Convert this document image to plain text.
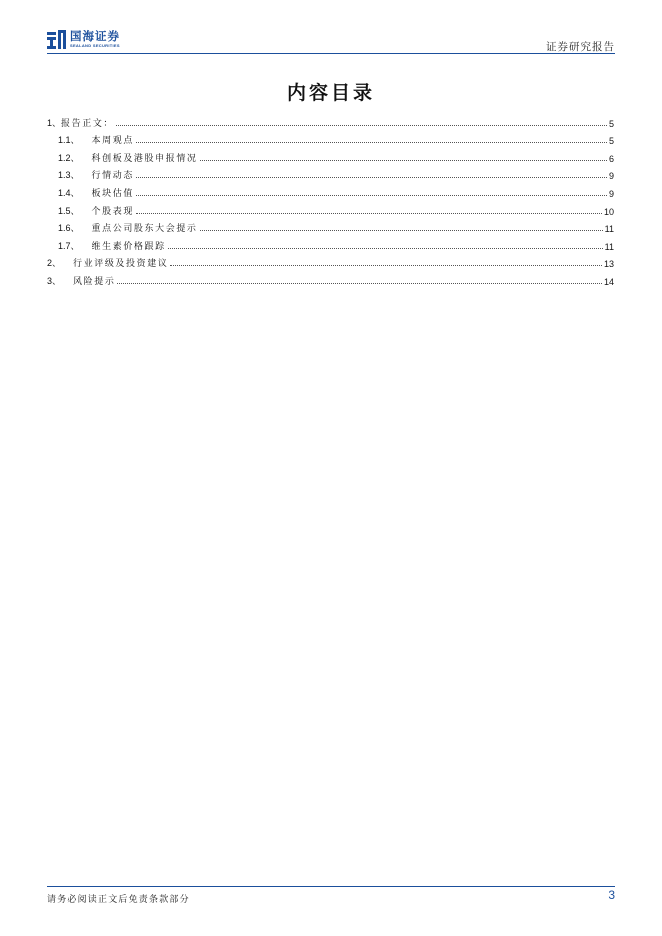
国海证券
SEALAND SECURITIES	证券研究报告
内容目录
1、 报告正文：	5
1.1、 本周观点	5
1.2、 科创板及港股申报情况	6
1.3、 行情动态	9
1.4、 板块估值	9
1.5、 个股表现	10
1.6、 重点公司股东大会提示	11
1.7、 维生素价格跟踪	11
2、 行业评级及投资建议	13
3、 风险提示	14
请务必阅读正文后免责条款部分	3
